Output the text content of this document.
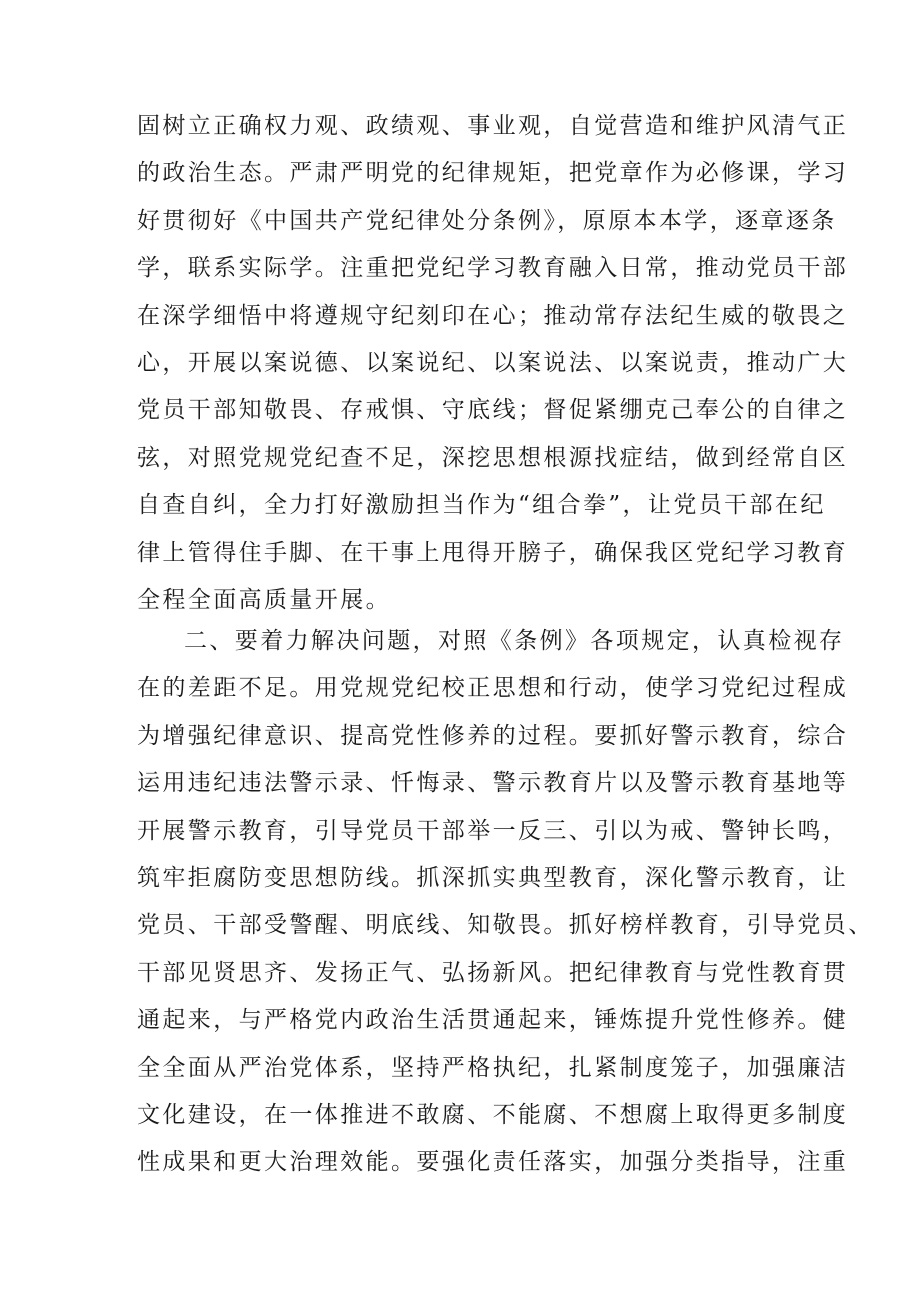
固树立正确权力观、政绩观、事业观，自觉营造和维护风清气正
的政治生态。严肃严明党的纪律规矩，把党章作为必修课，学习
好贯彻好《中国共产党纪律处分条例》，原原本本学，逐章逐条
学，联系实际学。注重把党纪学习教育融入日常，推动党员干部
在深学细悟中将遵规守纪刻印在心；推动常存法纪生威的敬畏之
心，开展以案说德、以案说纪、以案说法、以案说责，推动广大
党员干部知敬畏、存戒惧、守底线；督促紧绷克己奉公的自律之
弦，对照党规党纪查不足，深挖思想根源找症结，做到经常自区
自查自纠，全力打好激励担当作为“组合拳”，让党员干部在纪
律上管得住手脚、在干事上甩得开膀子，确保我区党纪学习教育
全程全面高质量开展。
二、要着力解决问题，对照《条例》各项规定，认真检视存
在的差距不足。用党规党纪校正思想和行动，使学习党纪过程成
为增强纪律意识、提高党性修养的过程。要抓好警示教育，综合
运用违纪违法警示录、忏悔录、警示教育片以及警示教育基地等
开展警示教育，引导党员干部举一反三、引以为戒、警钟长鸣，
筑牢拒腐防变思想防线。抓深抓实典型教育，深化警示教育，让
党员、干部受警醒、明底线、知敬畏。抓好榜样教育，引导党员、
干部见贤思齐、发扬正气、弘扬新风。把纪律教育与党性教育贯
通起来，与严格党内政治生活贯通起来，锤炼提升党性修养。健
全全面从严治党体系，坚持严格执纪，扎紧制度笼子，加强廉洁
文化建设，在一体推进不敢腐、不能腐、不想腐上取得更多制度
性成果和更大治理效能。要强化责任落实，加强分类指导，注重
